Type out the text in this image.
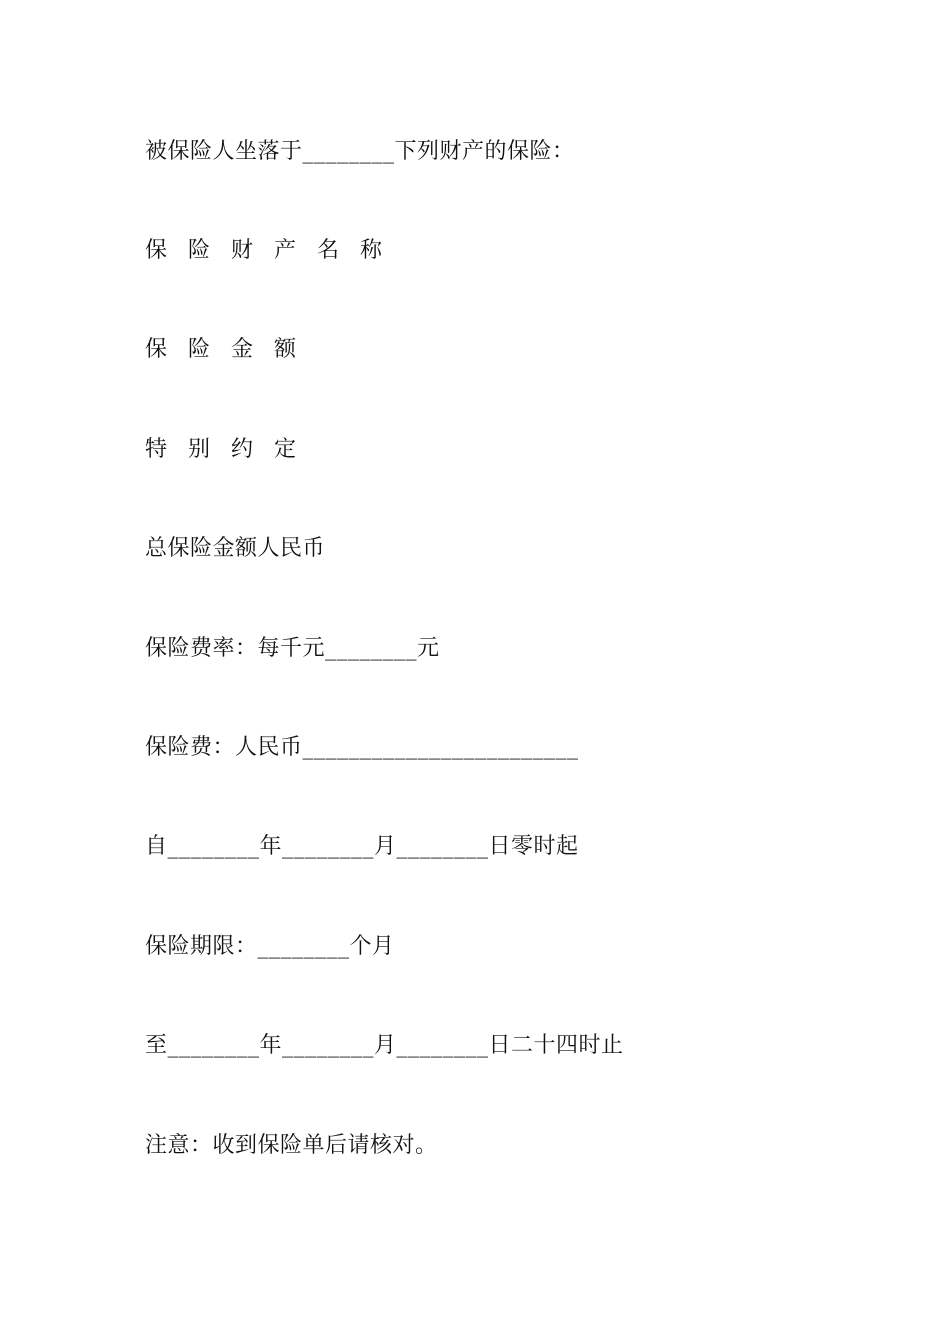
被保险人坐落于________下列财产的保险：
保险财产名称
保险金额
特别约定
总保险金额人民币
保险费率：每千元________元
保险费：人民币________________________
自________年________月________日零时起
保险期限：________个月
至________年________月________日二十四时止
注意：收到保险单后请核对。
